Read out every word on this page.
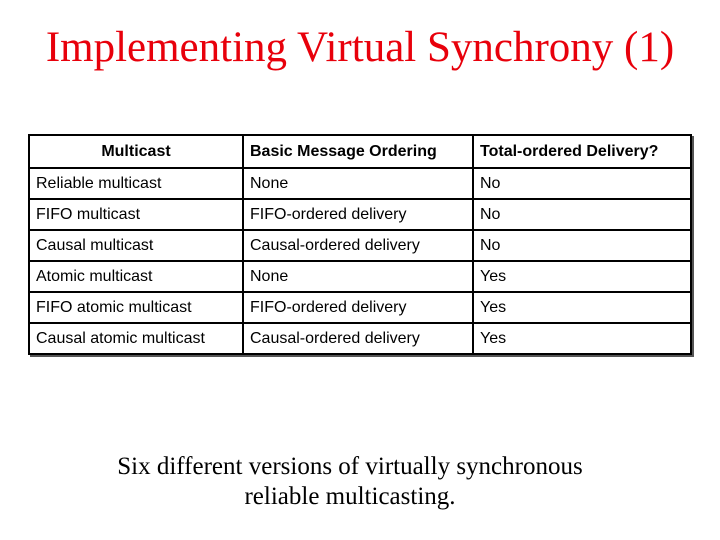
Implementing Virtual Synchrony (1)
Multicast	Basic Message Ordering	Total-ordered Delivery?
Reliable multicast	None	No
FIFO multicast	FIFO-ordered delivery	No
Causal multicast	Causal-ordered delivery	No
Atomic multicast	None	Yes
FIFO atomic multicast	FIFO-ordered delivery	Yes
Causal atomic multicast	Causal-ordered delivery	Yes
Six different versions of virtually synchronous
reliable multicasting.
